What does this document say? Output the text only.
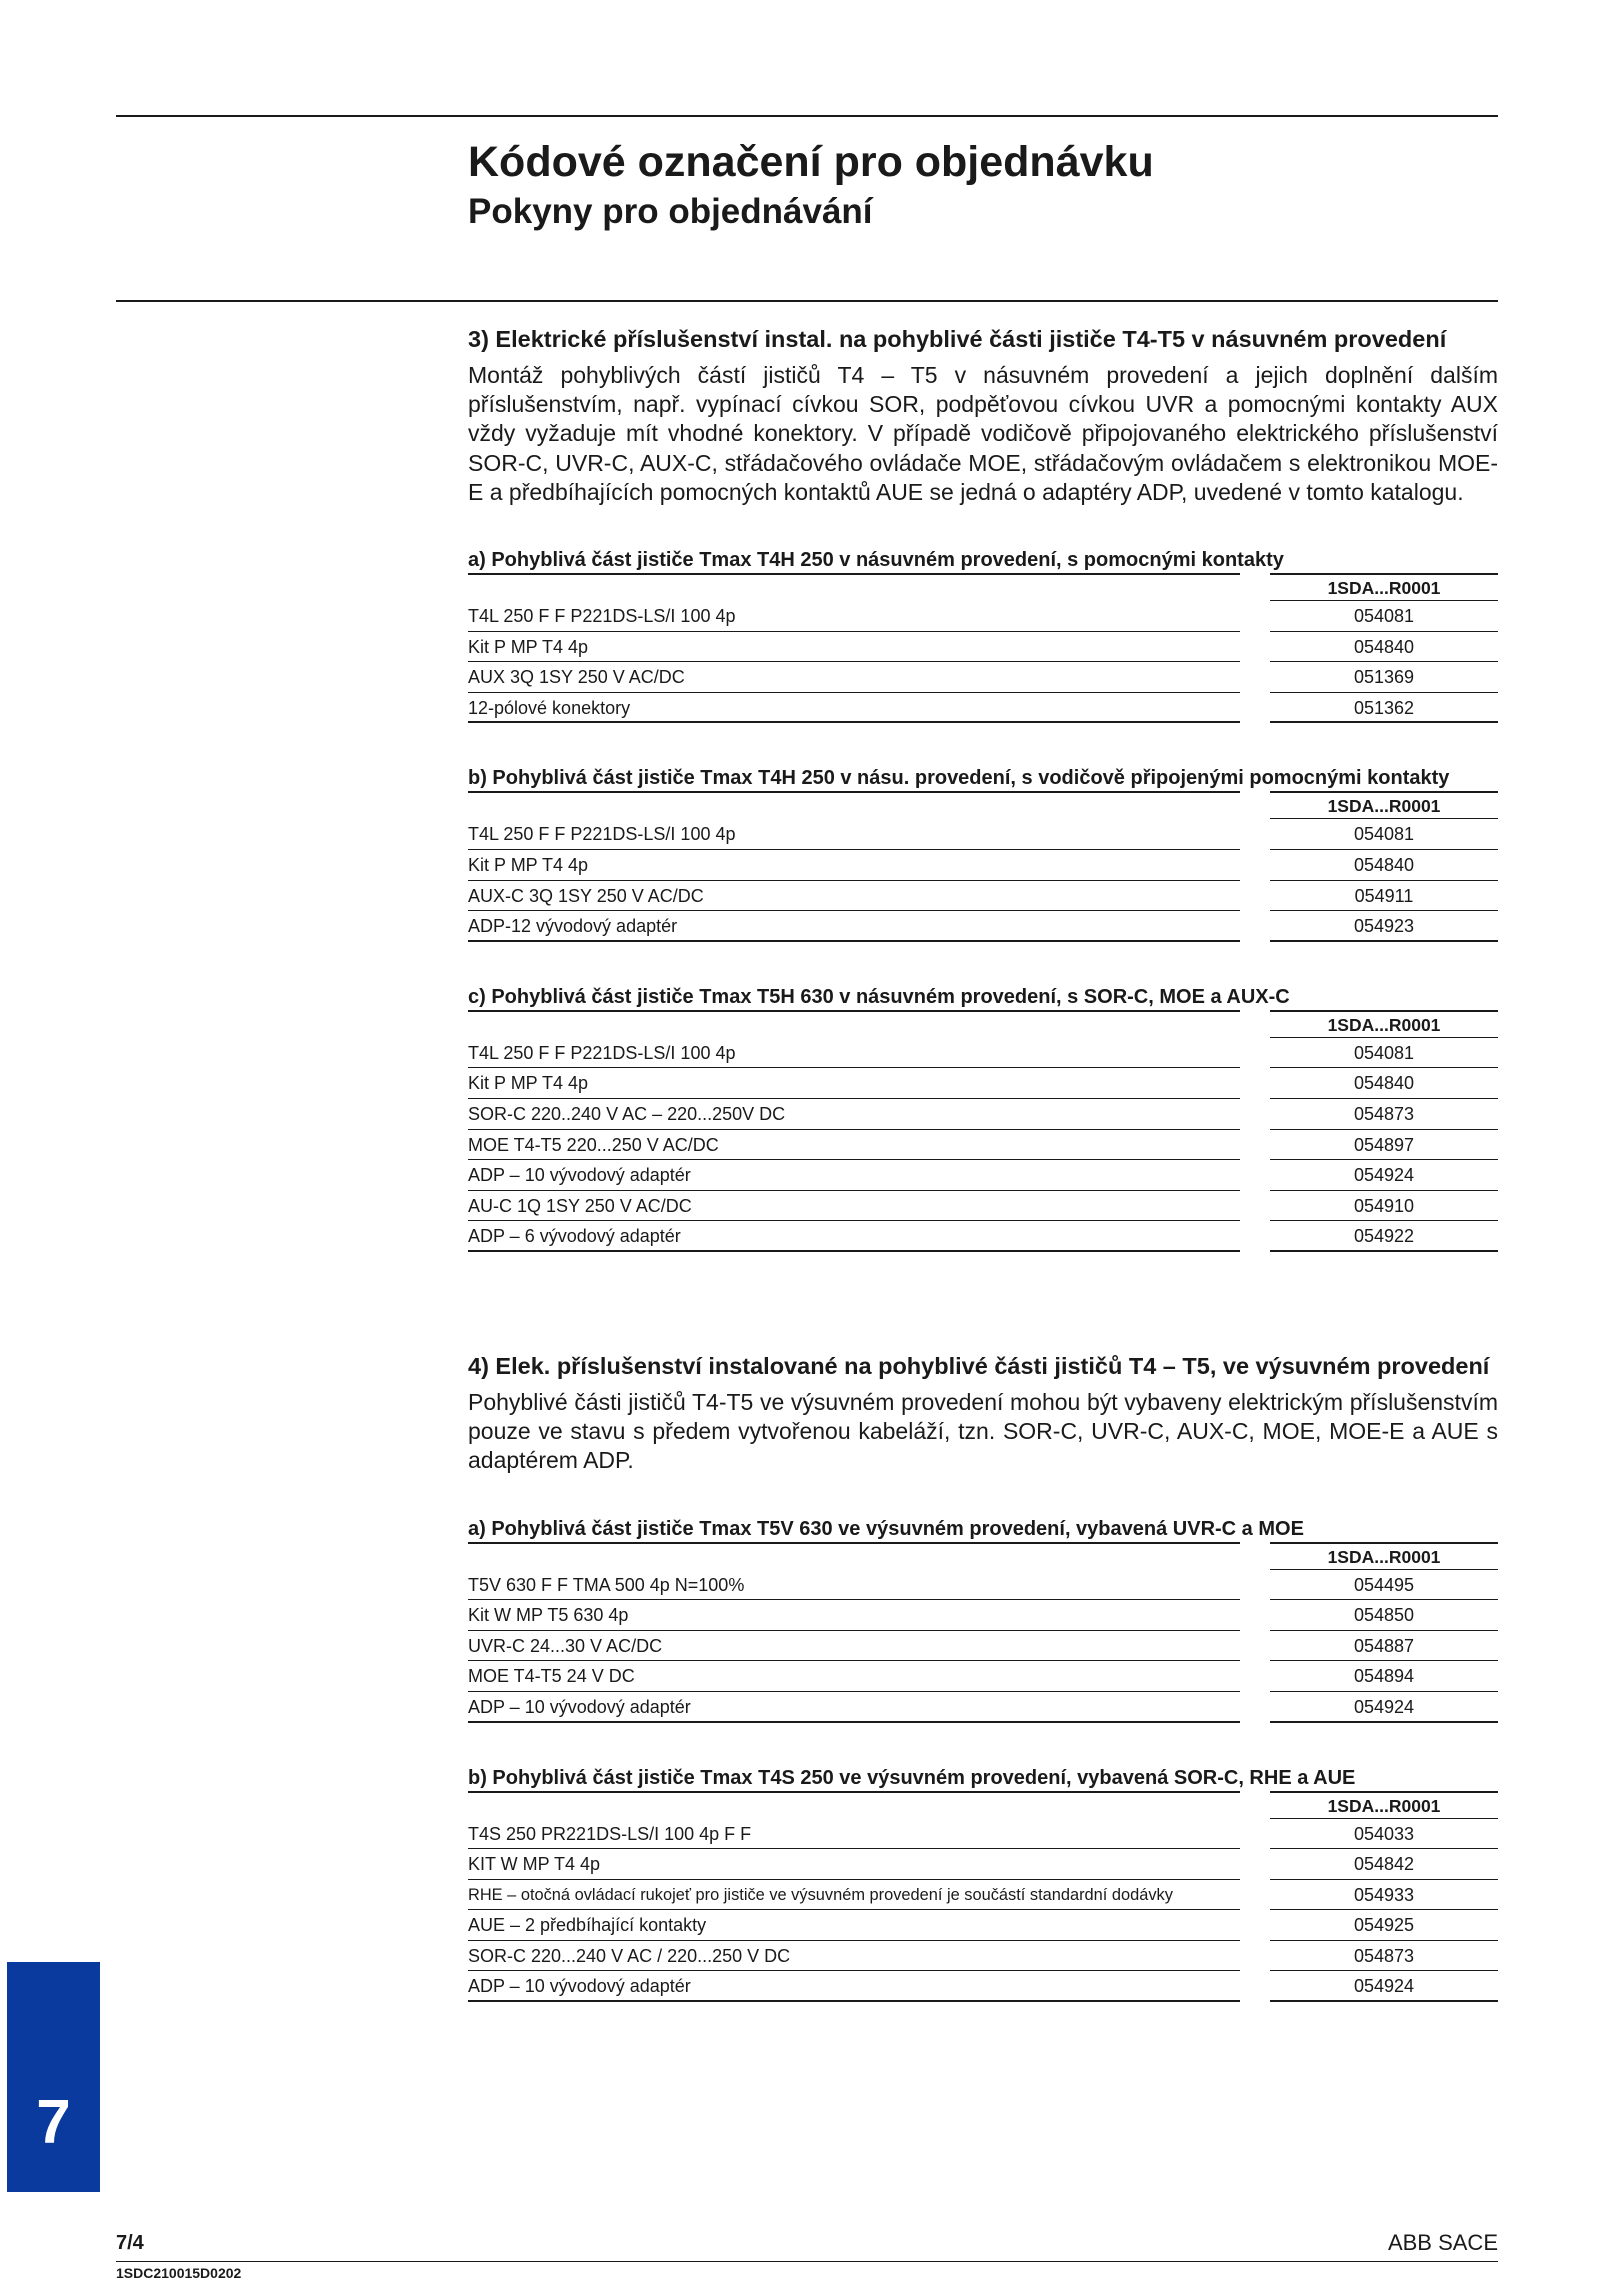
Kódové označení pro objednávku
Pokyny pro objednávání
3) Elektrické příslušenství instal. na pohyblivé části jističe T4-T5 v násuvném provedení

Montáž pohyblivých částí jističů T4 – T5 v násuvném provedení a jejich doplnění dalším příslušenstvím, např. vypínací cívkou SOR, podpěťovou cívkou UVR a pomocnými kontakty AUX vždy vyžaduje mít vhodné konektory. V případě vodičově připojovaného elektrického příslušenství SOR-C, UVR-C, AUX-C, střádačového ovládače MOE, střádačovým ovládačem s elektronikou MOE-E a předbíhajících pomocných kontaktů AUE se jedná o adaptéry ADP, uvedené v tomto katalogu.

a) Pohyblivá část jističe Tmax T4H 250 v násuvném provedení, s pomocnými kontakty
1SDA...R0001
T4L 250 F F P221DS-LS/I 100 4p	054081
Kit P MP T4 4p	054840
AUX 3Q 1SY 250 V AC/DC	051369
12-pólové konektory	051362
b) Pohyblivá část jističe Tmax T4H 250 v násu. provedení, s vodičově připojenými pomocnými kontakty
1SDA...R0001
T4L 250 F F P221DS-LS/I 100 4p	054081
Kit P MP T4 4p	054840
AUX-C 3Q 1SY 250 V AC/DC	054911
ADP-12 vývodový adaptér	054923
c) Pohyblivá část jističe Tmax T5H 630 v násuvném provedení, s SOR-C, MOE a AUX-C
1SDA...R0001
T4L 250 F F P221DS-LS/I 100 4p	054081
Kit P MP T4 4p	054840
SOR-C 220..240 V AC – 220...250V DC	054873
MOE T4-T5 220...250 V AC/DC	054897
ADP – 10 vývodový adaptér	054924
AU-C 1Q 1SY 250 V AC/DC	054910
ADP – 6 vývodový adaptér	054922
4) Elek. příslušenství instalované na pohyblivé části jističů T4 – T5, ve výsuvném provedení

Pohyblivé části jističů T4-T5 ve výsuvném provedení mohou být vybaveny elektrickým příslušenstvím pouze ve stavu s předem vytvořenou kabeláží, tzn. SOR-C, UVR-C, AUX-C, MOE, MOE-E a AUE s adaptérem ADP.

a) Pohyblivá část jističe Tmax T5V 630 ve výsuvném provedení, vybavená UVR-C a MOE
1SDA...R0001
T5V 630 F F TMA 500 4p N=100%	054495
Kit W MP T5 630 4p	054850
UVR-C 24...30 V AC/DC	054887
MOE T4-T5 24 V DC	054894
ADP – 10 vývodový adaptér	054924
b) Pohyblivá část jističe Tmax T4S 250 ve výsuvném provedení, vybavená SOR-C, RHE a AUE
1SDA...R0001
T4S 250 PR221DS-LS/I 100 4p F F	054033
KIT W MP T4 4p	054842
RHE – otočná ovládací rukojeť pro jističe ve výsuvném provedení je součástí standardní dodávky	054933
AUE – 2 předbíhající kontakty	054925
SOR-C 220...240 V AC / 220...250 V DC	054873
ADP – 10 vývodový adaptér	054924
7
7/4	ABB SACE
1SDC210015D0202
